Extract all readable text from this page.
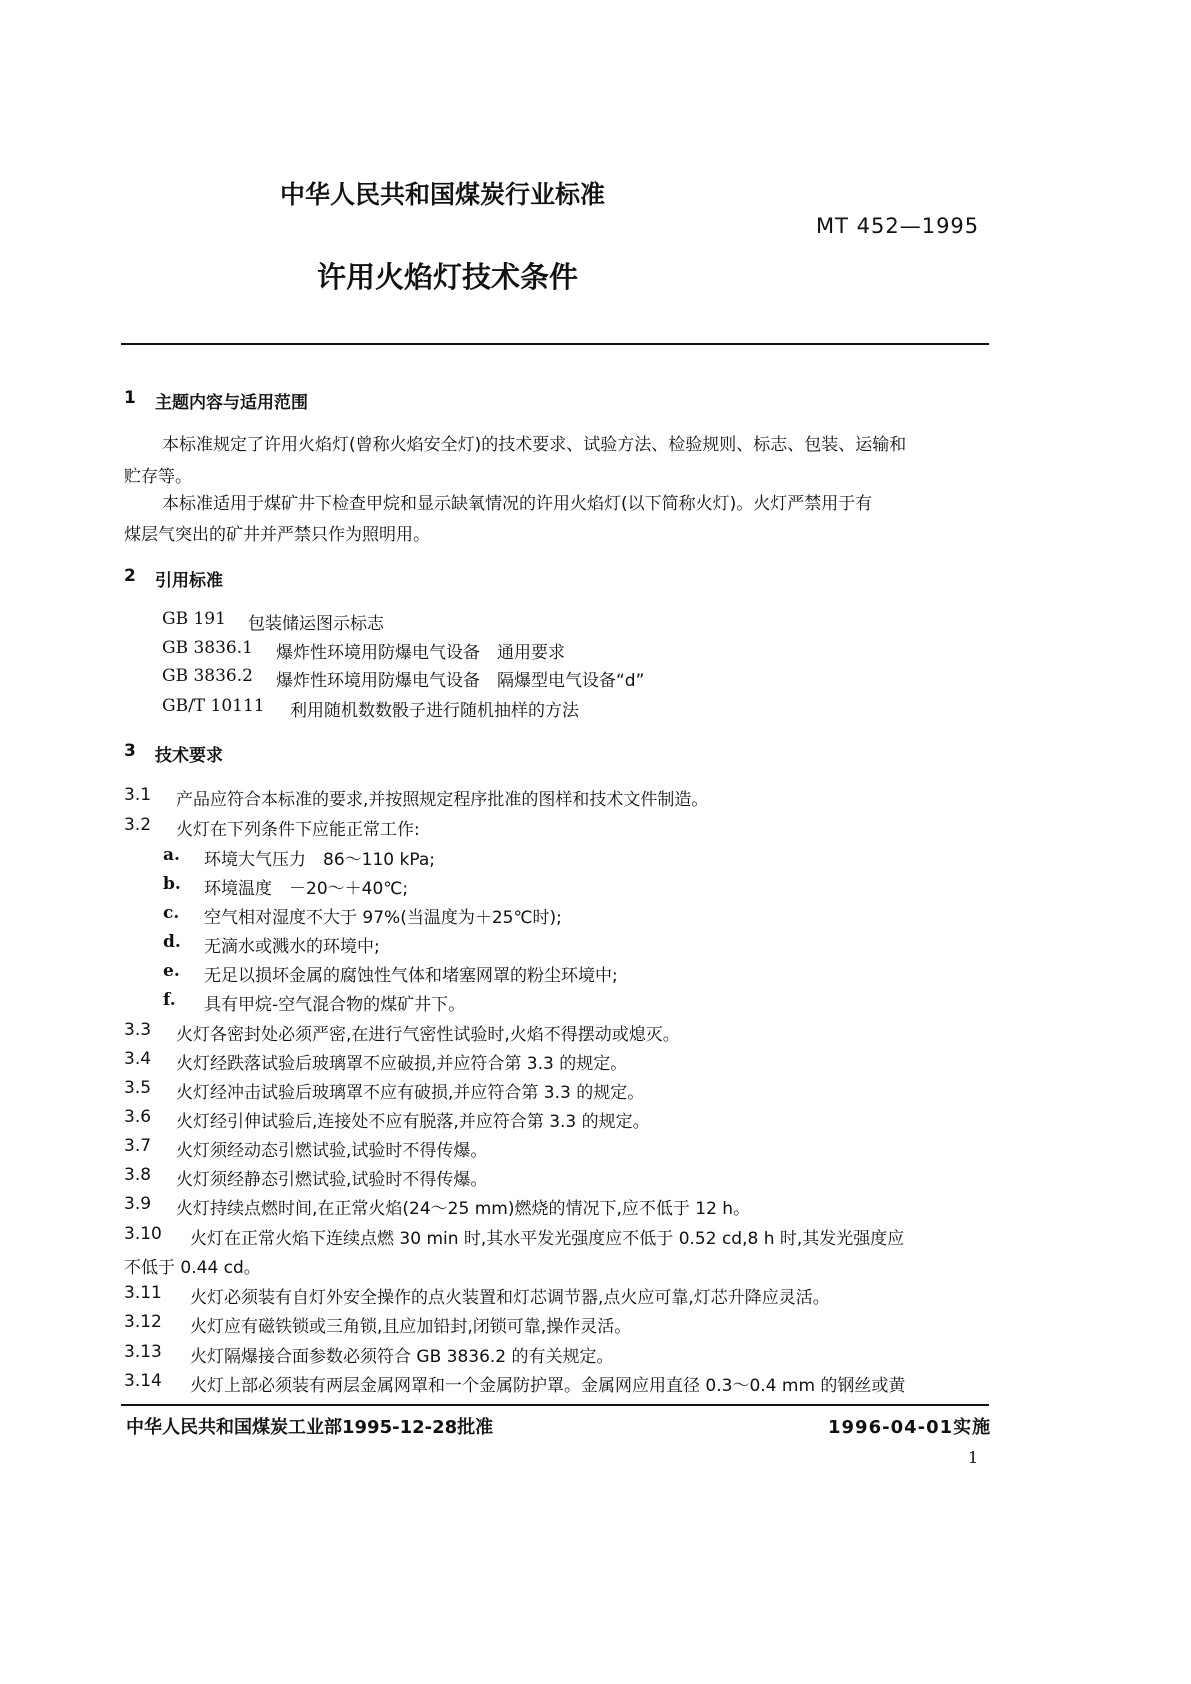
中华人民共和国煤炭行业标准
MT 452—1995
许用火焰灯技术条件
1 主题内容与适用范围
本标准规定了许用火焰灯(曾称火焰安全灯)的技术要求、试验方法、检验规则、标志、包装、运输和
贮存等。
本标准适用于煤矿井下检查甲烷和显示缺氧情况的许用火焰灯(以下简称火灯)。火灯严禁用于有
煤层气突出的矿井并严禁只作为照明用。
2 引用标准
GB 191 包装储运图示标志
GB 3836.1 爆炸性环境用防爆电气设备　通用要求
GB 3836.2 爆炸性环境用防爆电气设备　隔爆型电气设备“d”
GB/T 10111 利用随机数数骰子进行随机抽样的方法
3 技术要求
3.1 产品应符合本标准的要求,并按照规定程序批准的图样和技术文件制造。
3.2 火灯在下列条件下应能正常工作:
a. 环境大气压力　86～110 kPa;
b. 环境温度　－20～＋40℃;
c. 空气相对湿度不大于 97%(当温度为＋25℃时);
d. 无滴水或溅水的环境中;
e. 无足以损坏金属的腐蚀性气体和堵塞网罩的粉尘环境中;
f. 具有甲烷-空气混合物的煤矿井下。
3.3 火灯各密封处必须严密,在进行气密性试验时,火焰不得摆动或熄灭。
3.4 火灯经跌落试验后玻璃罩不应破损,并应符合第 3.3 的规定。
3.5 火灯经冲击试验后玻璃罩不应有破损,并应符合第 3.3 的规定。
3.6 火灯经引伸试验后,连接处不应有脱落,并应符合第 3.3 的规定。
3.7 火灯须经动态引燃试验,试验时不得传爆。
3.8 火灯须经静态引燃试验,试验时不得传爆。
3.9 火灯持续点燃时间,在正常火焰(24～25 mm)燃烧的情况下,应不低于 12 h。
3.10 火灯在正常火焰下连续点燃 30 min 时,其水平发光强度应不低于 0.52 cd,8 h 时,其发光强度应
不低于 0.44 cd。
3.11 火灯必须装有自灯外安全操作的点火装置和灯芯调节器,点火应可靠,灯芯升降应灵活。
3.12 火灯应有磁铁锁或三角锁,且应加铅封,闭锁可靠,操作灵活。
3.13 火灯隔爆接合面参数必须符合 GB 3836.2 的有关规定。
3.14 火灯上部必须装有两层金属网罩和一个金属防护罩。金属网应用直径 0.3～0.4 mm 的钢丝或黄
中华人民共和国煤炭工业部1995-12-28批准	1996-04-01实施
1
